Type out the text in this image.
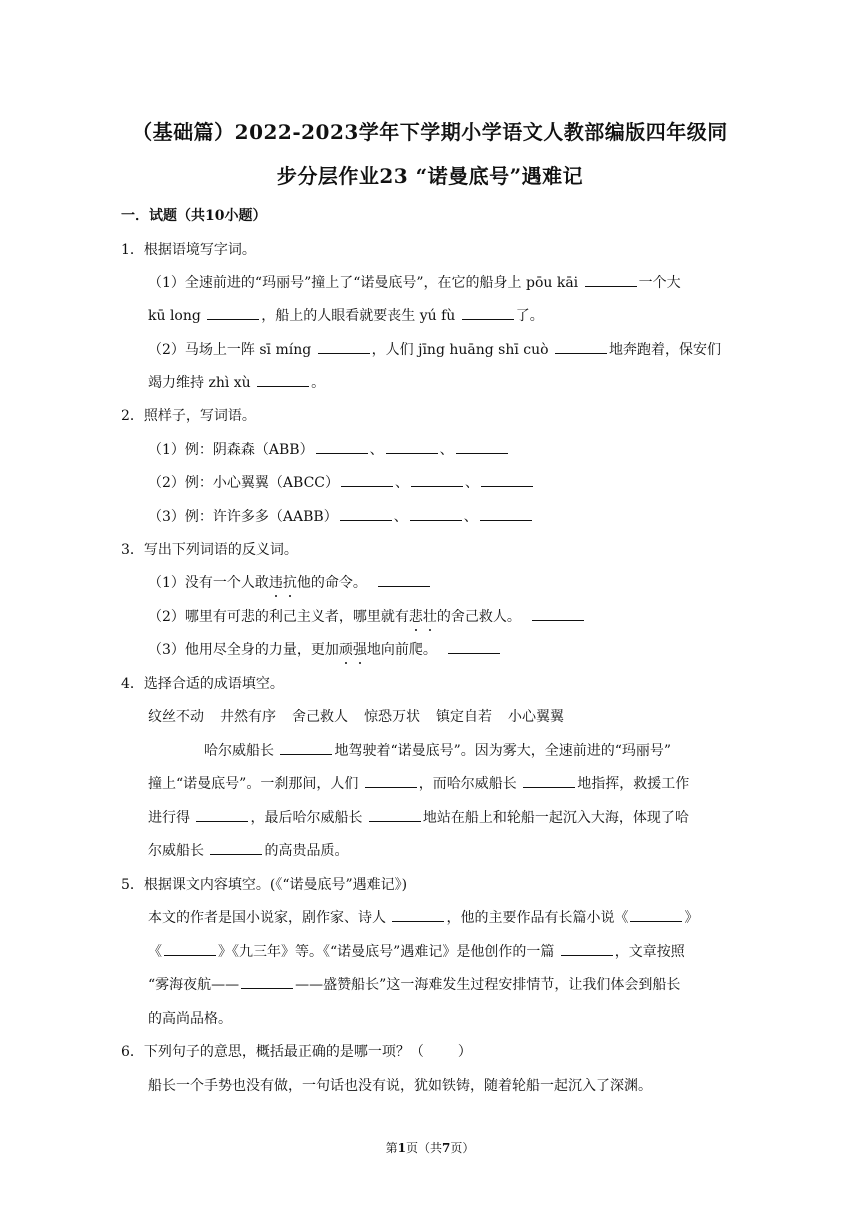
（基础篇）2022-2023学年下学期小学语文人教部编版四年级同
步分层作业23 “诺曼底号”遇难记
一．试题（共10小题）
1．根据语境写字词。
（1）全速前进的“玛丽号”撞上了“诺曼底号”，在它的船身上 pōu kāi	一个大
kū long	，船上的人眼看就要丧生 yú fù	了。
（2）马场上一阵 sī míng	，人们 jīng huāng shī cuò	地奔跑着，保安们
竭力维持 zhì xù	。
2．照样子，写词语。
（1）例：阴森森（ABB）	、	、
（2）例：小心翼翼（ABCC）	、	、
（3）例：许许多多（AABB）	、	、
3．写出下列词语的反义词。
（1）没有一个人敢违抗他的命令。
（2）哪里有可悲的利己主义者，哪里就有悲壮的舍己救人。
（3）他用尽全身的力量，更加顽强地向前爬。
4．选择合适的成语填空。
纹丝不动 井然有序 舍己救人 惊恐万状 镇定自若 小心翼翼
哈尔威船长	地驾驶着“诺曼底号”。因为雾大，全速前进的“玛丽号”
撞上“诺曼底号”。一刹那间，人们	，而哈尔威船长	地指挥，救援工作
进行得	，最后哈尔威船长	地站在船上和轮船一起沉入大海，体现了哈
尔威船长	的高贵品质。
5．根据课文内容填空。(《“诺曼底号”遇难记》)
本文的作者是国小说家，剧作家、诗人	，他的主要作品有长篇小说《	》
《	》《九三年》等。《“诺曼底号”遇难记》是他创作的一篇	，文章按照
“雾海夜航——	——盛赞船长”这一海难发生过程安排情节，让我们体会到船长
的高尚品格。
6．下列句子的意思，概括最正确的是哪一项？（ ）
船长一个手势也没有做，一句话也没有说，犹如铁铸，随着轮船一起沉入了深渊。
第1页（共7页）
